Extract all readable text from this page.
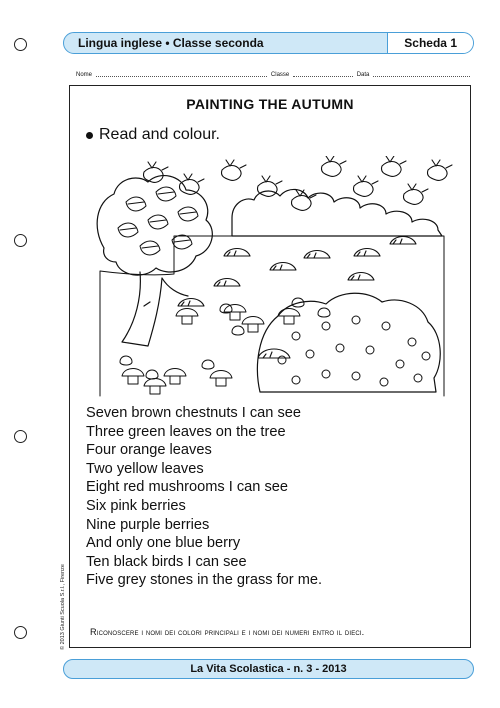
Lingua inglese • Classe seconda	Scheda 1
Nome	Classe	Data
PAINTING THE AUTUMN
Read and colour.
Seven brown chestnuts I can see
Three green leaves on the tree
Four orange leaves
Two yellow leaves
Eight red mushrooms I can see
Six pink berries
Nine purple berries
And only one blue berry
Ten black birds I can see
Five grey stones in the grass for me.
Riconoscere i nomi dei colori principali e i nomi dei numeri entro il dieci.
© 2013 Giunti Scuola S.r.l., Firenze
La Vita Scolastica - n. 3 - 2013
